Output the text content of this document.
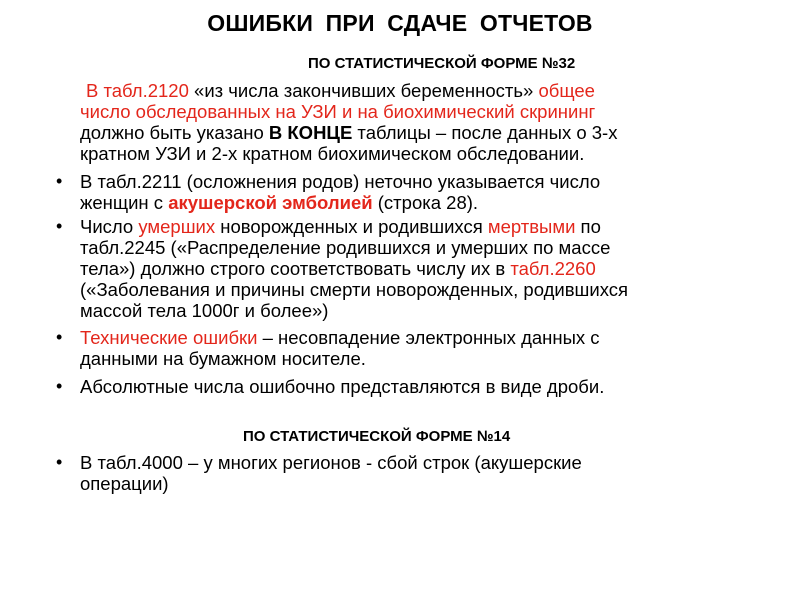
ОШИБКИ ПРИ СДАЧЕ ОТЧЕТОВ
ПО СТАТИСТИЧЕСКОЙ ФОРМЕ №32
В табл.2120 «из числа закончивших беременность» общее
число обследованных на УЗИ и на биохимический скрининг
должно быть указано В КОНЦЕ таблицы – после данных о 3-х
кратном УЗИ и 2-х кратном биохимическом обследовании.
• В табл.2211 (осложнения родов) неточно указывается число
женщин с акушерской эмболией (строка 28).
• Число умерших новорожденных и родившихся мертвыми по
табл.2245 («Распределение родившихся и умерших по массе
тела») должно строго соответствовать числу их в табл.2260
(«Заболевания и причины смерти новорожденных, родившихся
массой тела 1000г и более»)
• Технические ошибки – несовпадение электронных данных с
данными на бумажном носителе.
• Абсолютные числа ошибочно представляются в виде дроби.
ПО СТАТИСТИЧЕСКОЙ ФОРМЕ №14
• В табл.4000 – у многих регионов - сбой строк (акушерские
операции)
